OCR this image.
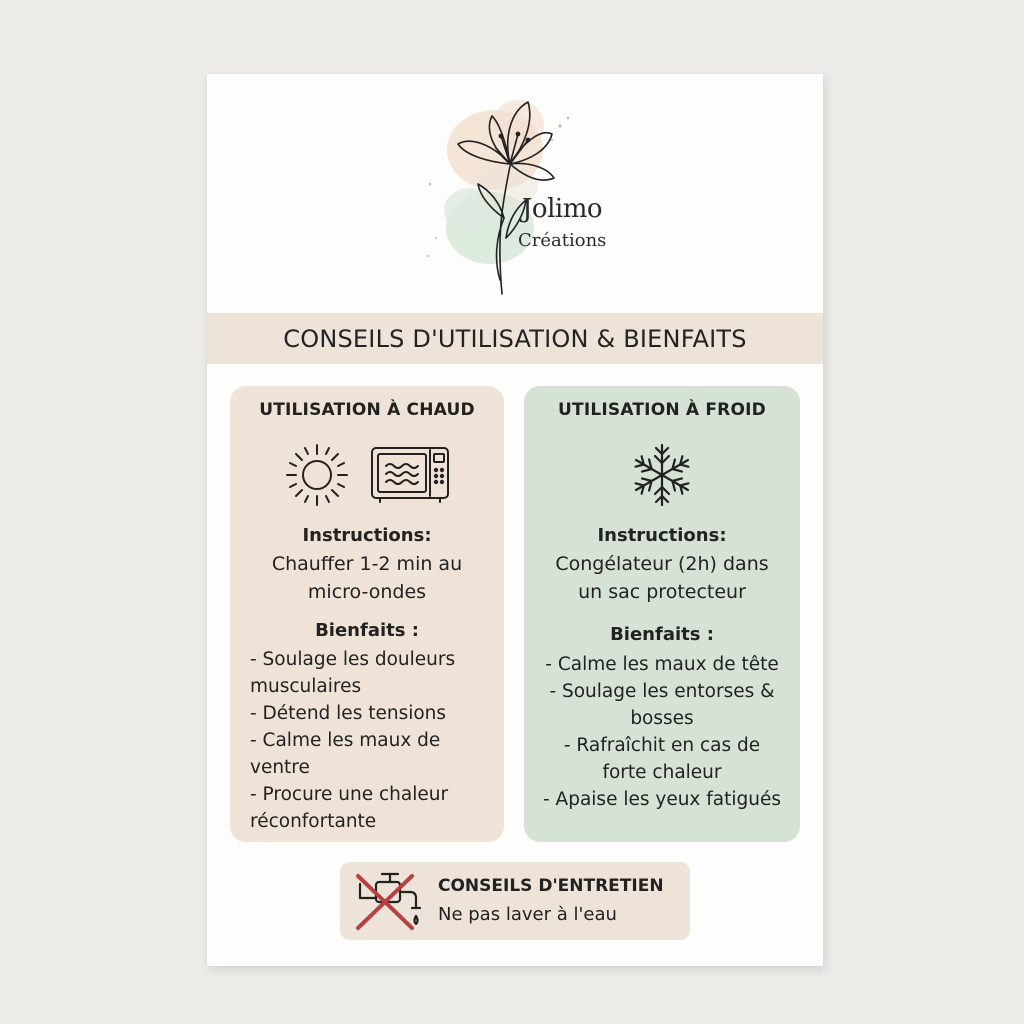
Jolimo
Créations
CONSEILS D'UTILISATION & BIENFAITS
UTILISATION À CHAUD
Instructions:
Chauffer 1-2 min au
micro-ondes
Bienfaits :
- Soulage les douleurs
musculaires
- Détend les tensions
- Calme les maux de
ventre
- Procure une chaleur
réconfortante
UTILISATION À FROID
Instructions:
Congélateur (2h) dans
un sac protecteur
Bienfaits :
- Calme les maux de tête
- Soulage les entorses &
bosses
- Rafraîchit en cas de
forte chaleur
- Apaise les yeux fatigués
CONSEILS D'ENTRETIEN
Ne pas laver à l'eau
